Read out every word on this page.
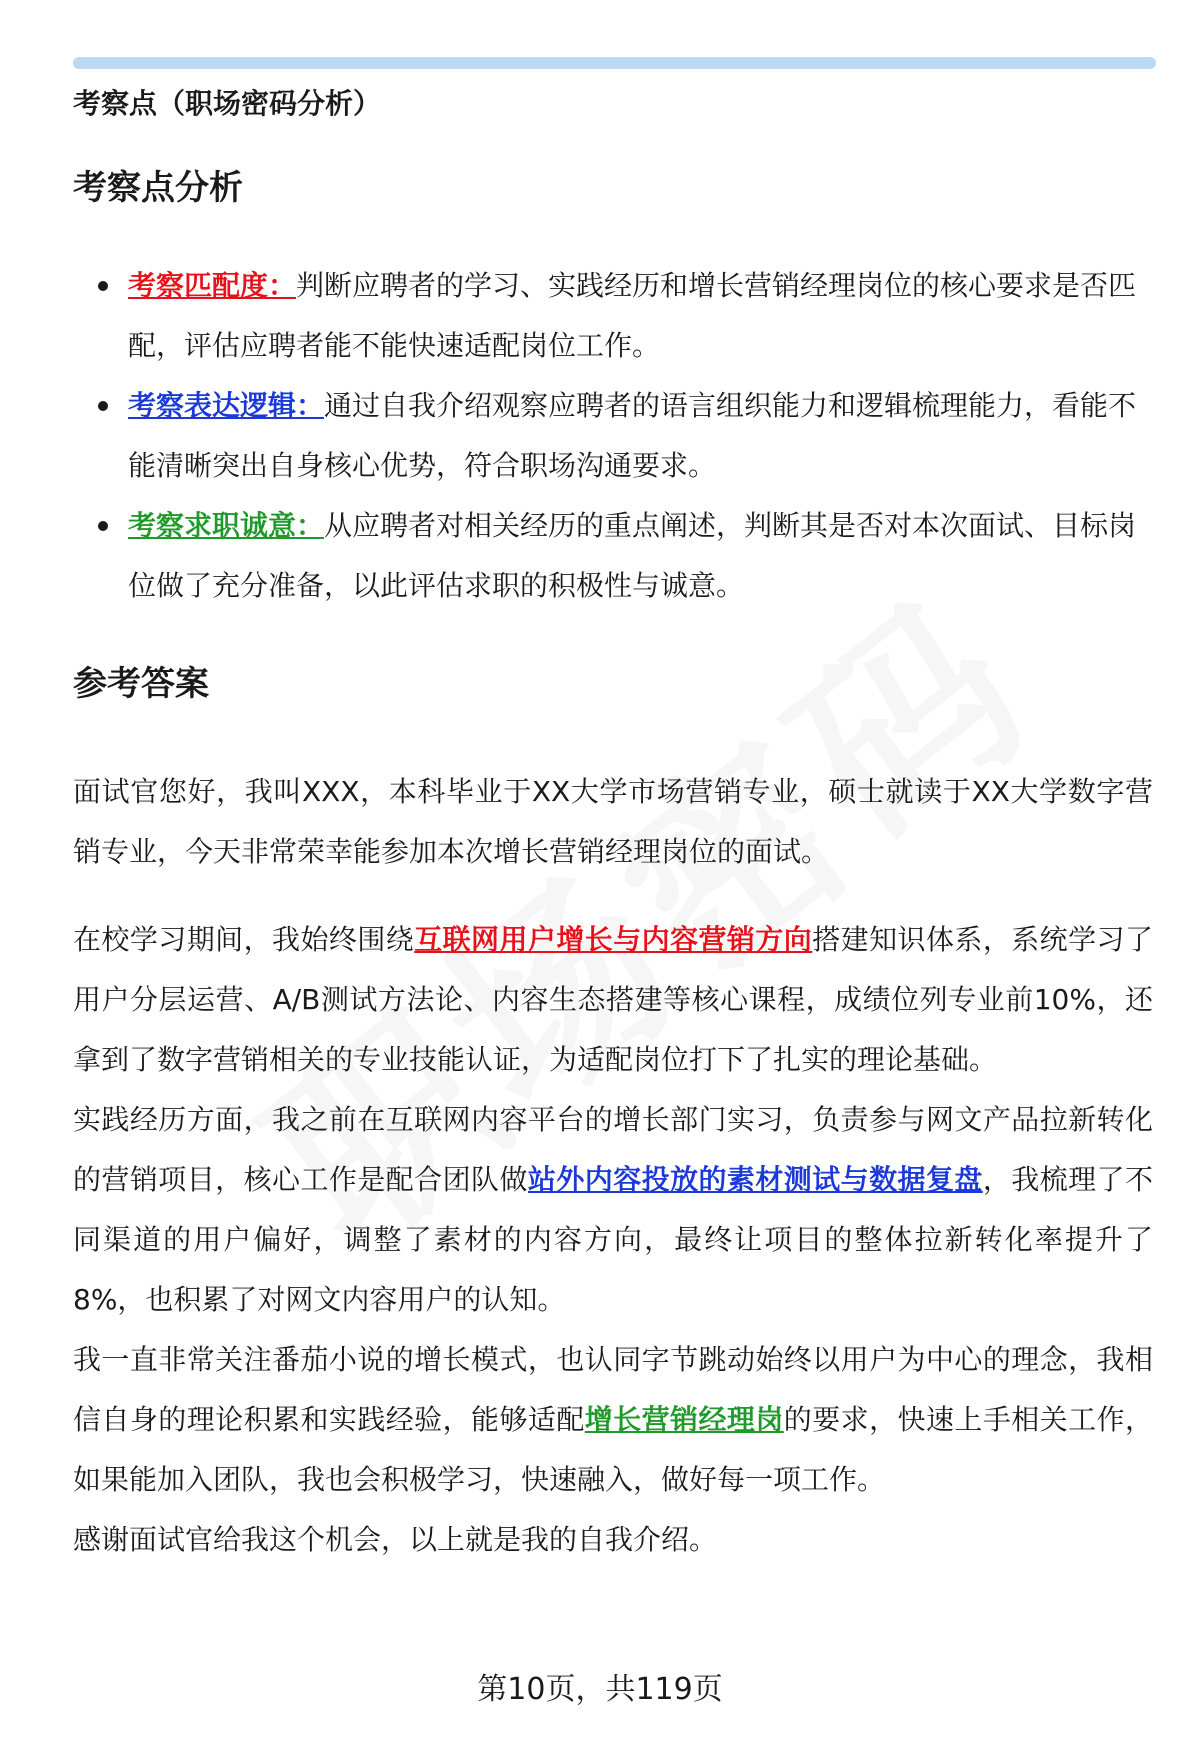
考察点（职场密码分析）

考察点分析
考察匹配度：判断应聘者的学习、实践经历和增长营销经理岗位的核心要求是否匹配，评估应聘者能不能快速适配岗位工作。
考察表达逻辑：通过自我介绍观察应聘者的语言组织能力和逻辑梳理能力，看能不能清晰突出自身核心优势，符合职场沟通要求。
考察求职诚意：从应聘者对相关经历的重点阐述，判断其是否对本次面试、目标岗位做了充分准备，以此评估求职的积极性与诚意。
参考答案

面试官您好，我叫XXX，本科毕业于XX大学市场营销专业，硕士就读于XX大学数字营销专业，今天非常荣幸能参加本次增长营销经理岗位的面试。

在校学习期间，我始终围绕互联网用户增长与内容营销方向搭建知识体系，系统学习了用户分层运营、A/B测试方法论、内容生态搭建等核心课程，成绩位列专业前10%，还拿到了数字营销相关的专业技能认证，为适配岗位打下了扎实的理论基础。

实践经历方面，我之前在互联网内容平台的增长部门实习，负责参与网文产品拉新转化的营销项目，核心工作是配合团队做站外内容投放的素材测试与数据复盘，我梳理了不同渠道的用户偏好，调整了素材的内容方向，最终让项目的整体拉新转化率提升了8%，也积累了对网文内容用户的认知。

我一直非常关注番茄小说的增长模式，也认同字节跳动始终以用户为中心的理念，我相信自身的理论积累和实践经验，能够适配增长营销经理岗的要求，快速上手相关工作，如果能加入团队，我也会积极学习，快速融入，做好每一项工作。

感谢面试官给我这个机会，以上就是我的自我介绍。

第10页，共119页
